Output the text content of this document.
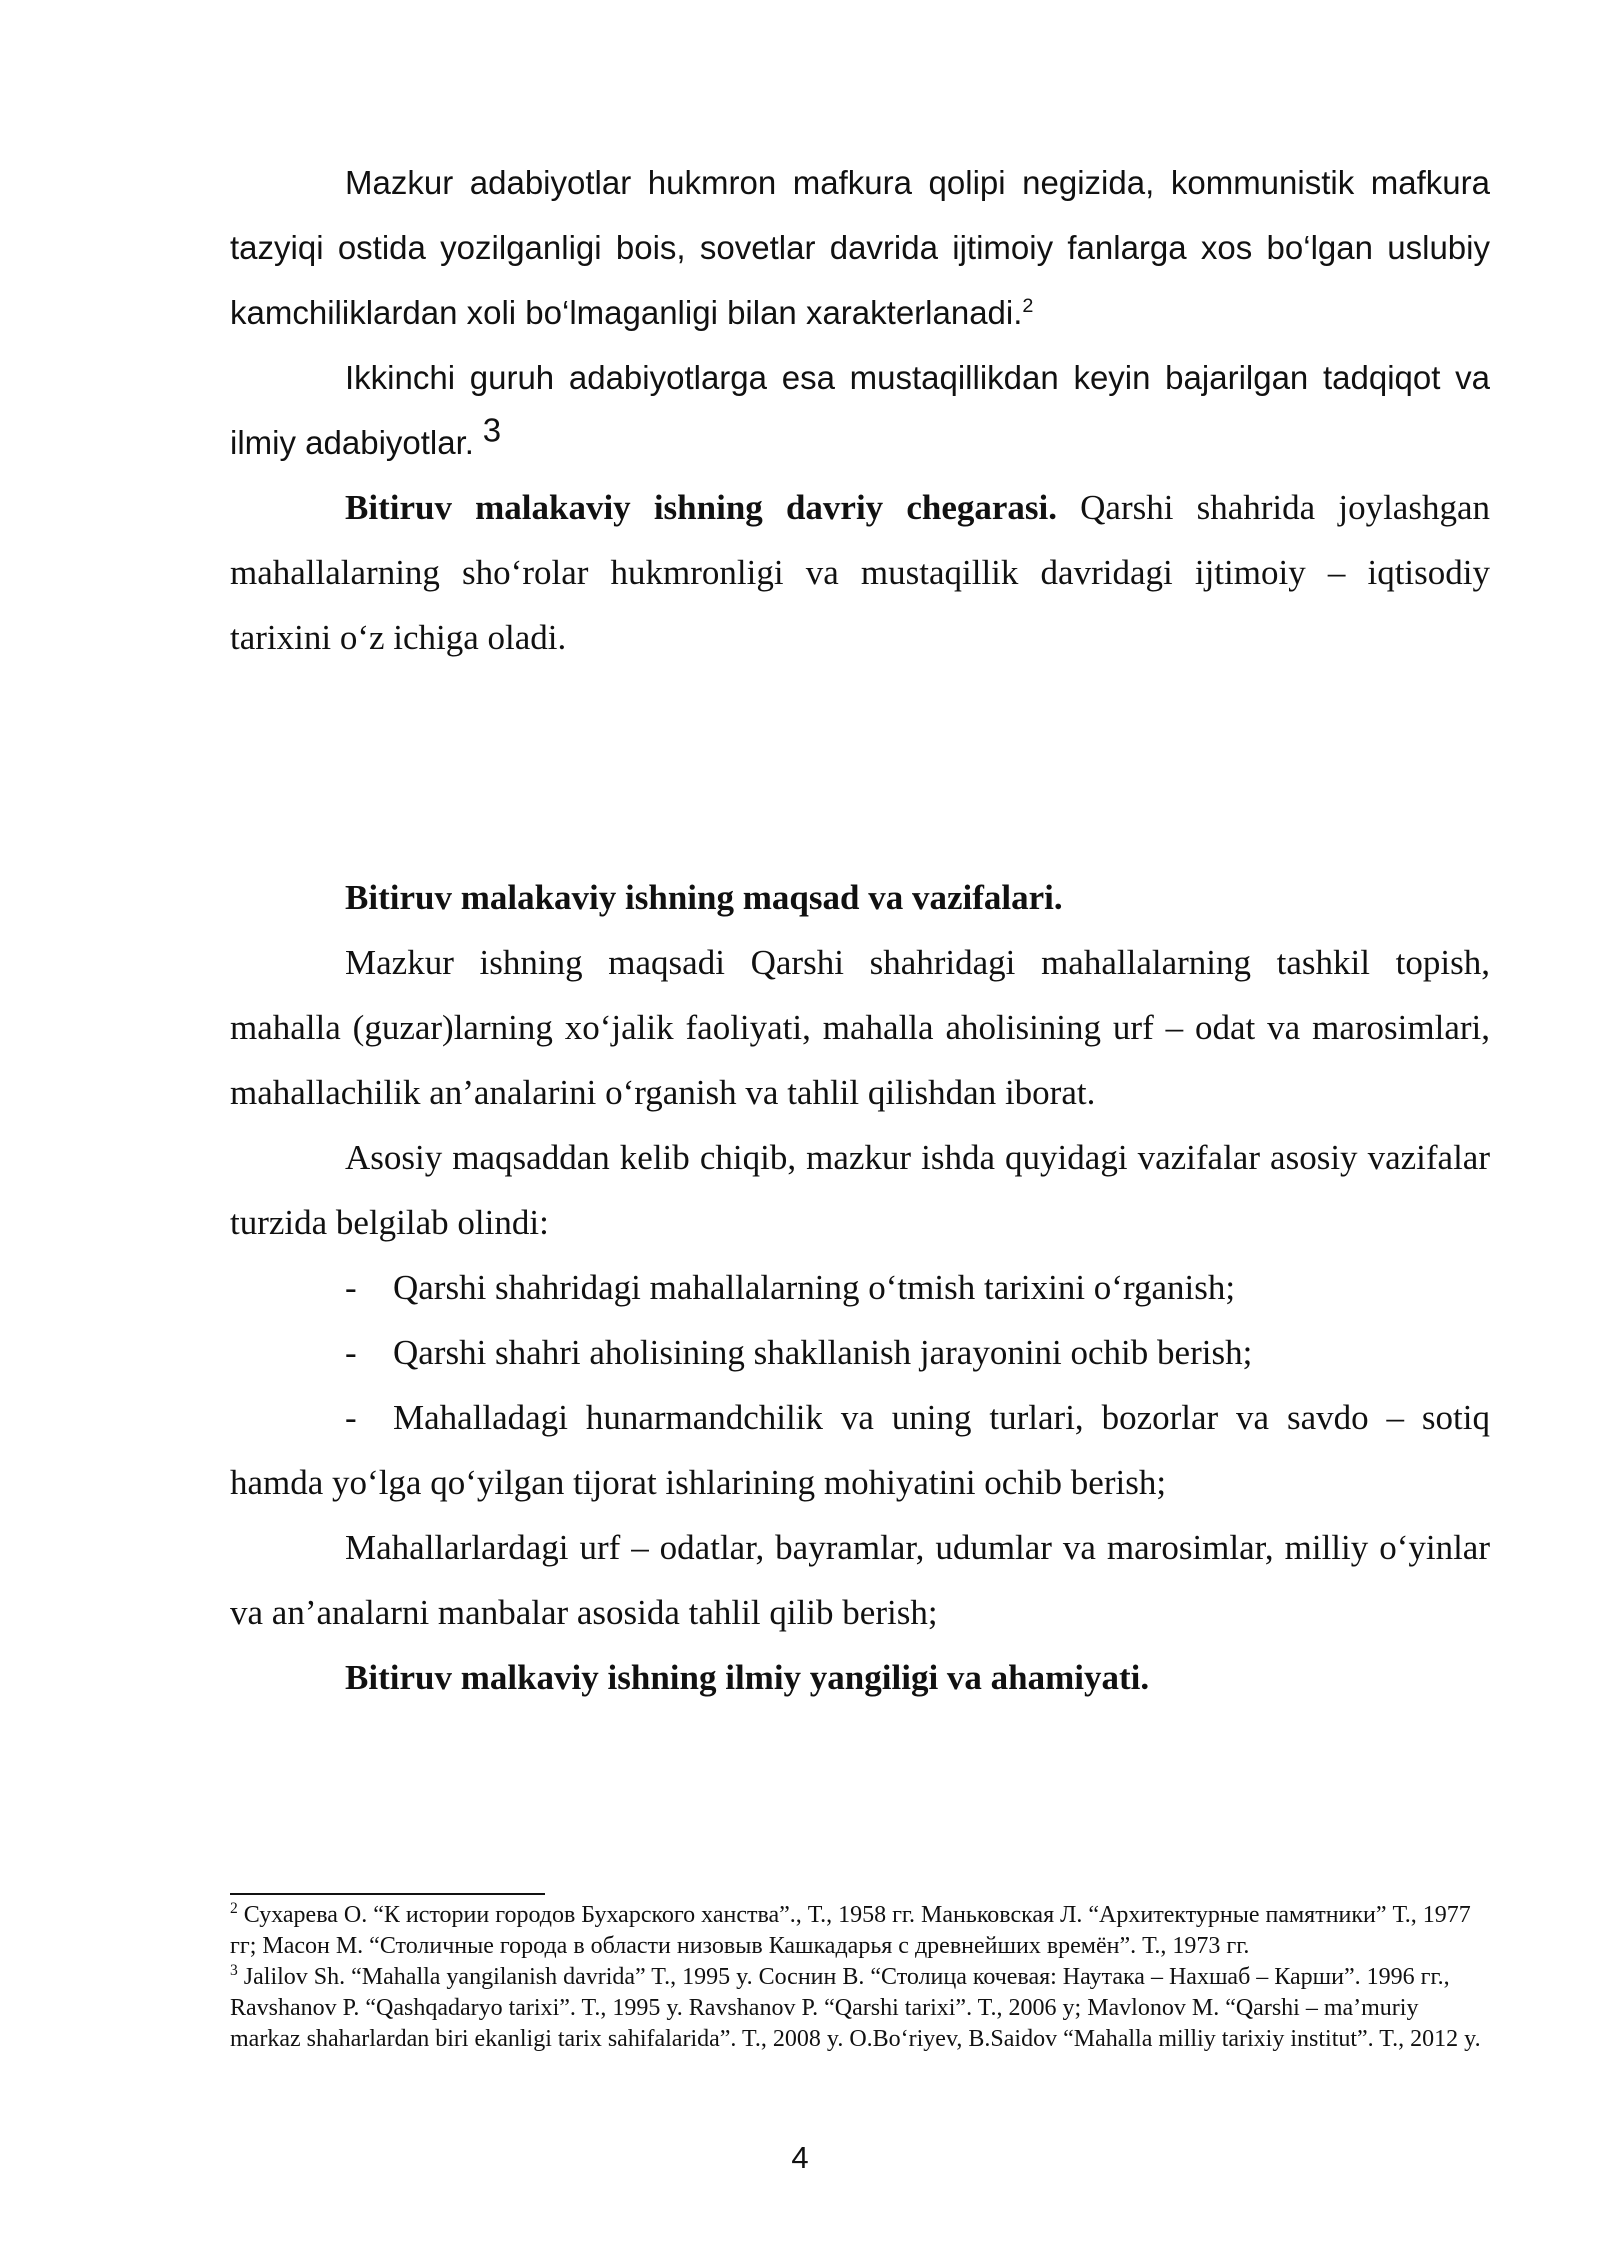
Mazkur adabiyotlar hukmron mafkura qolipi negizida, kommunistik mafkura tazyiqi ostida yozilganligi bois, sovetlar davrida ijtimoiy fanlarga xos bo‘lgan uslubiy kamchiliklardan xoli bo‘lmaganligi bilan xarakterlanadi.$^2$

Ikkinchi guruh adabiyotlarga esa mustaqillikdan keyin bajarilgan tadqiqot va ilmiy adabiyotlar. $^3$

Bitiruv malakaviy ishning davriy chegarasi. Qarshi shahrida joylashgan mahallalarning sho‘rolar hukmronligi va mustaqillik davridagi ijtimoiy – iqtisodiy tarixini o‘z ichiga oladi.

Bitiruv malakaviy ishning maqsad va vazifalari.

Mazkur ishning maqsadi Qarshi shahridagi mahallalarning tashkil topish, mahalla (guzar)larning xo‘jalik faoliyati, mahalla aholisining urf – odat va marosimlari, mahallachilik an’analarini o‘rganish va tahlil qilishdan iborat.

Asosiy maqsaddan kelib chiqib, mazkur ishda quyidagi vazifalar asosiy vazifalar turzida belgilab olindi:

- Qarshi shahridagi mahallalarning o‘tmish tarixini o‘rganish;

- Qarshi shahri aholisining shakllanish jarayonini ochib berish;

- Mahalladagi hunarmandchilik va uning turlari, bozorlar va savdo – sotiq hamda yo‘lga qo‘yilgan tijorat ishlarining mohiyatini ochib berish;

Mahallarlardagi urf – odatlar, bayramlar, udumlar va marosimlar, milliy o‘yinlar va an’analarni manbalar asosida tahlil qilib berish;

Bitiruv malkaviy ishning ilmiy yangiligi va ahamiyati.

$^2$ Сухарева О. “К истории городов Бухарского ханства”., Т., 1958 гг. Маньковская Л. “Архитектурные памятники” Т., 1977 гг; Масон М. “Столичные города в области низовыв Кашкадарья с древнейших времён”. Т., 1973 гг.

$^3$ Jalilov Sh. “Mahalla yangilanish davrida” T., 1995 y. Соснин В. “Столица кочевая: Наутака – Нахшаб – Карши”. 1996 гг., Ravshanov P. “Qashqadaryo tarixi”. T., 1995 y. Ravshanov P. “Qarshi tarixi”. T., 2006 y; Mavlonov M. “Qarshi – ma’muriy markaz shaharlardan biri ekanligi tarix sahifalarida”. T., 2008 y. O.Bo‘riyev, B.Saidov “Mahalla milliy tarixiy institut”. T., 2012 y.

4
